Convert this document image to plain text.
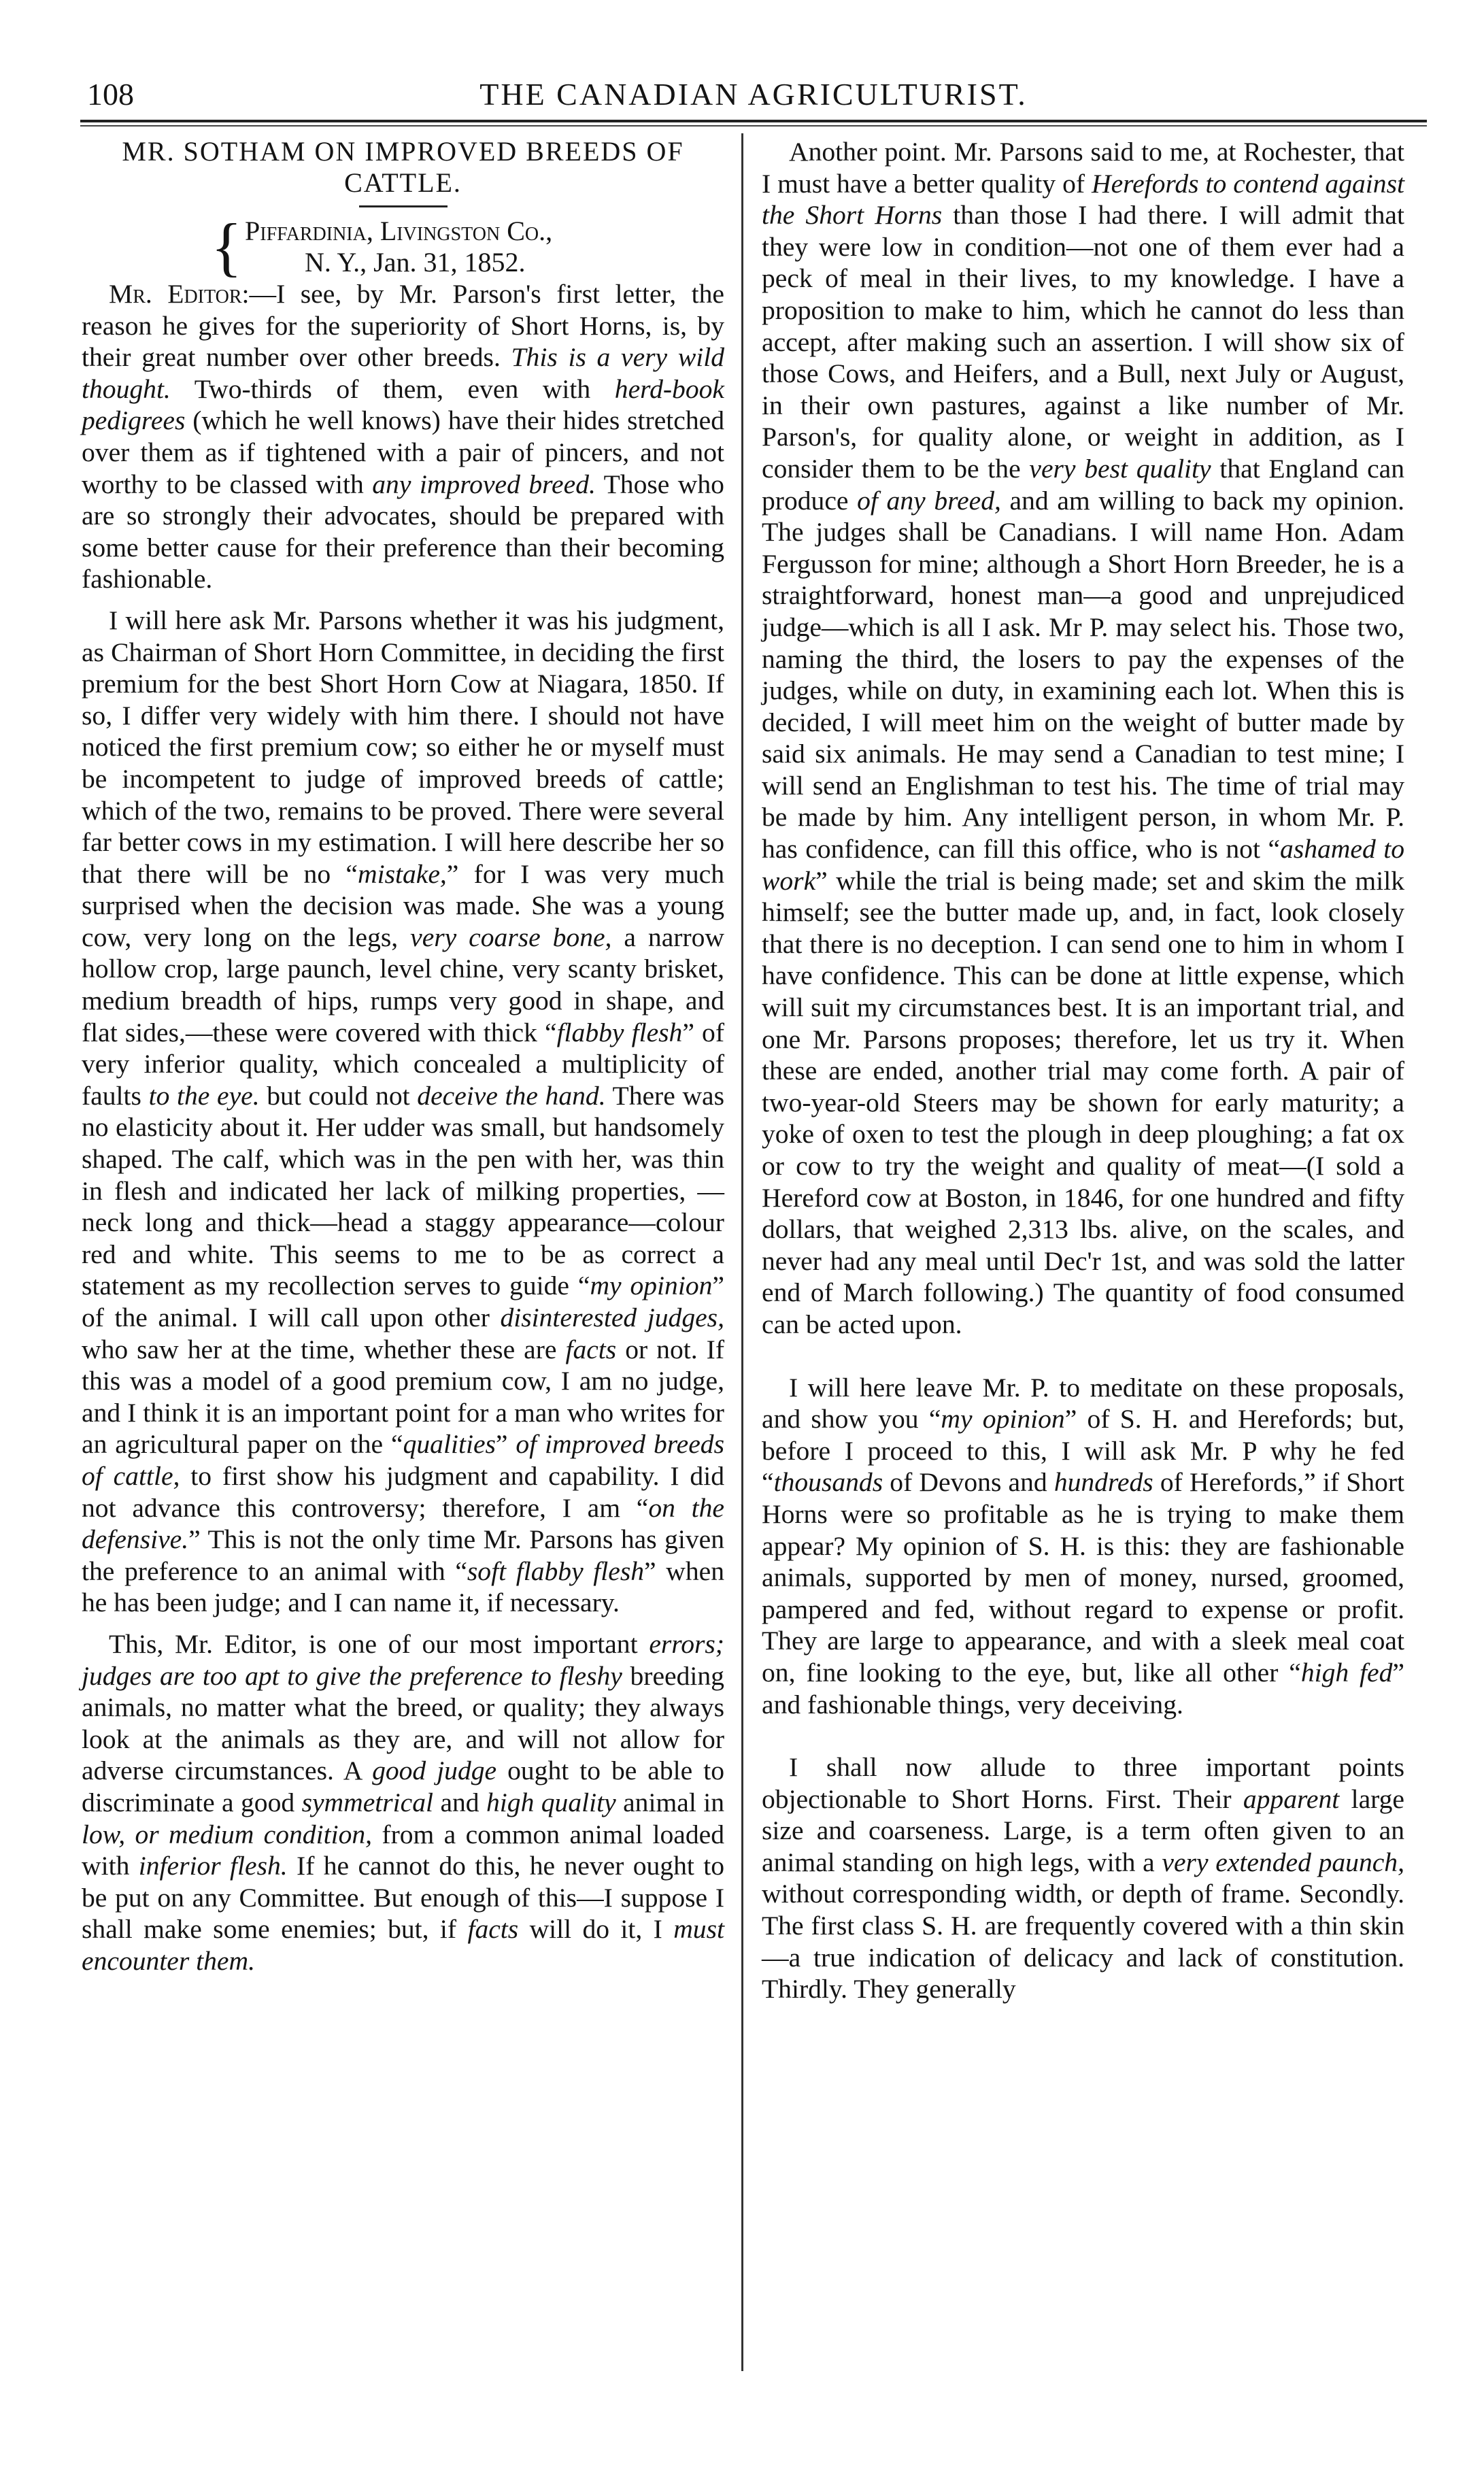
108	THE CANADIAN AGRICULTURIST.
MR. SOTHAM ON IMPROVED BREEDS OF
CATTLE.
{ Piffardinia, Livingston Co.,
N. Y., Jan. 31, 1852.

Mr. Editor:—I see, by Mr. Parson's first letter, the reason he gives for the superiority of Short Horns, is, by their great number over other breeds. This is a very wild thought. Two-thirds of them, even with herd-book pedigrees (which he well knows) have their hides stretched over them as if tightened with a pair of pincers, and not worthy to be classed with any improved breed. Those who are so strongly their advocates, should be prepared with some better cause for their preference than their becoming fashionable.

I will here ask Mr. Parsons whether it was his judgment, as Chairman of Short Horn Committee, in deciding the first premium for the best Short Horn Cow at Niagara, 1850. If so, I differ very widely with him there. I should not have noticed the first premium cow; so either he or myself must be incompetent to judge of improved breeds of cattle; which of the two, remains to be proved. There were several far better cows in my estimation. I will here describe her so that there will be no “mistake,” for I was very much surprised when the decision was made. She was a young cow, very long on the legs, very coarse bone, a narrow hollow crop, large paunch, level chine, very scanty brisket, medium breadth of hips, rumps very good in shape, and flat sides,—these were covered with thick “flabby flesh” of very inferior quality, which concealed a multiplicity of faults to the eye. but could not deceive the hand. There was no elasticity about it. Her udder was small, but handsomely shaped. The calf, which was in the pen with her, was thin in flesh and indicated her lack of milking properties, —neck long and thick—head a staggy appearance—colour red and white. This seems to me to be as correct a statement as my recollection serves to guide “my opinion” of the animal. I will call upon other disinterested judges, who saw her at the time, whether these are facts or not. If this was a model of a good premium cow, I am no judge, and I think it is an important point for a man who writes for an agricultural paper on the “qualities” of improved breeds of cattle, to first show his judgment and capability. I did not advance this controversy; therefore, I am “on the defensive.” This is not the only time Mr. Parsons has given the preference to an animal with “soft flabby flesh” when he has been judge; and I can name it, if necessary.

This, Mr. Editor, is one of our most important errors; judges are too apt to give the preference to fleshy breeding animals, no matter what the breed, or quality; they always look at the animals as they are, and will not allow for adverse circumstances. A good judge ought to be able to discriminate a good symmetrical and high quality animal in low, or medium condition, from a common animal loaded with inferior flesh. If he cannot do this, he never ought to be put on any Committee. But enough of this—I suppose I shall make some enemies; but, if facts will do it, I must encounter them.

Another point. Mr. Parsons said to me, at Rochester, that I must have a better quality of Herefords to contend against the Short Horns than those I had there. I will admit that they were low in condition—not one of them ever had a peck of meal in their lives, to my knowledge. I have a proposition to make to him, which he cannot do less than accept, after making such an assertion. I will show six of those Cows, and Heifers, and a Bull, next July or August, in their own pastures, against a like number of Mr. Parson's, for quality alone, or weight in addition, as I consider them to be the very best quality that England can produce of any breed, and am willing to back my opinion. The judges shall be Canadians. I will name Hon. Adam Fergusson for mine; although a Short Horn Breeder, he is a straightforward, honest man—a good and unprejudiced judge—which is all I ask. Mr P. may select his. Those two, naming the third, the losers to pay the expenses of the judges, while on duty, in examining each lot. When this is decided, I will meet him on the weight of butter made by said six animals. He may send a Canadian to test mine; I will send an Englishman to test his. The time of trial may be made by him. Any intelligent person, in whom Mr. P. has confidence, can fill this office, who is not “ashamed to work” while the trial is being made; set and skim the milk himself; see the butter made up, and, in fact, look closely that there is no deception. I can send one to him in whom I have confidence. This can be done at little expense, which will suit my circumstances best. It is an important trial, and one Mr. Parsons proposes; therefore, let us try it. When these are ended, another trial may come forth. A pair of two-year-old Steers may be shown for early maturity; a yoke of oxen to test the plough in deep ploughing; a fat ox or cow to try the weight and quality of meat—(I sold a Hereford cow at Boston, in 1846, for one hundred and fifty dollars, that weighed 2,313 lbs. alive, on the scales, and never had any meal until Dec'r 1st, and was sold the latter end of March following.) The quantity of food consumed can be acted upon.

I will here leave Mr. P. to meditate on these proposals, and show you “my opinion” of S. H. and Herefords; but, before I proceed to this, I will ask Mr. P why he fed “thousands of Devons and hundreds of Herefords,” if Short Horns were so profitable as he is trying to make them appear? My opinion of S. H. is this: they are fashionable animals, supported by men of money, nursed, groomed, pampered and fed, without regard to expense or profit. They are large to appearance, and with a sleek meal coat on, fine looking to the eye, but, like all other “high fed” and fashionable things, very deceiving.

I shall now allude to three important points objectionable to Short Horns. First. Their apparent large size and coarseness. Large, is a term often given to an animal standing on high legs, with a very extended paunch, without corresponding width, or depth of frame. Secondly. The first class S. H. are frequently covered with a thin skin—a true indication of delicacy and lack of constitution. Thirdly. They generally
